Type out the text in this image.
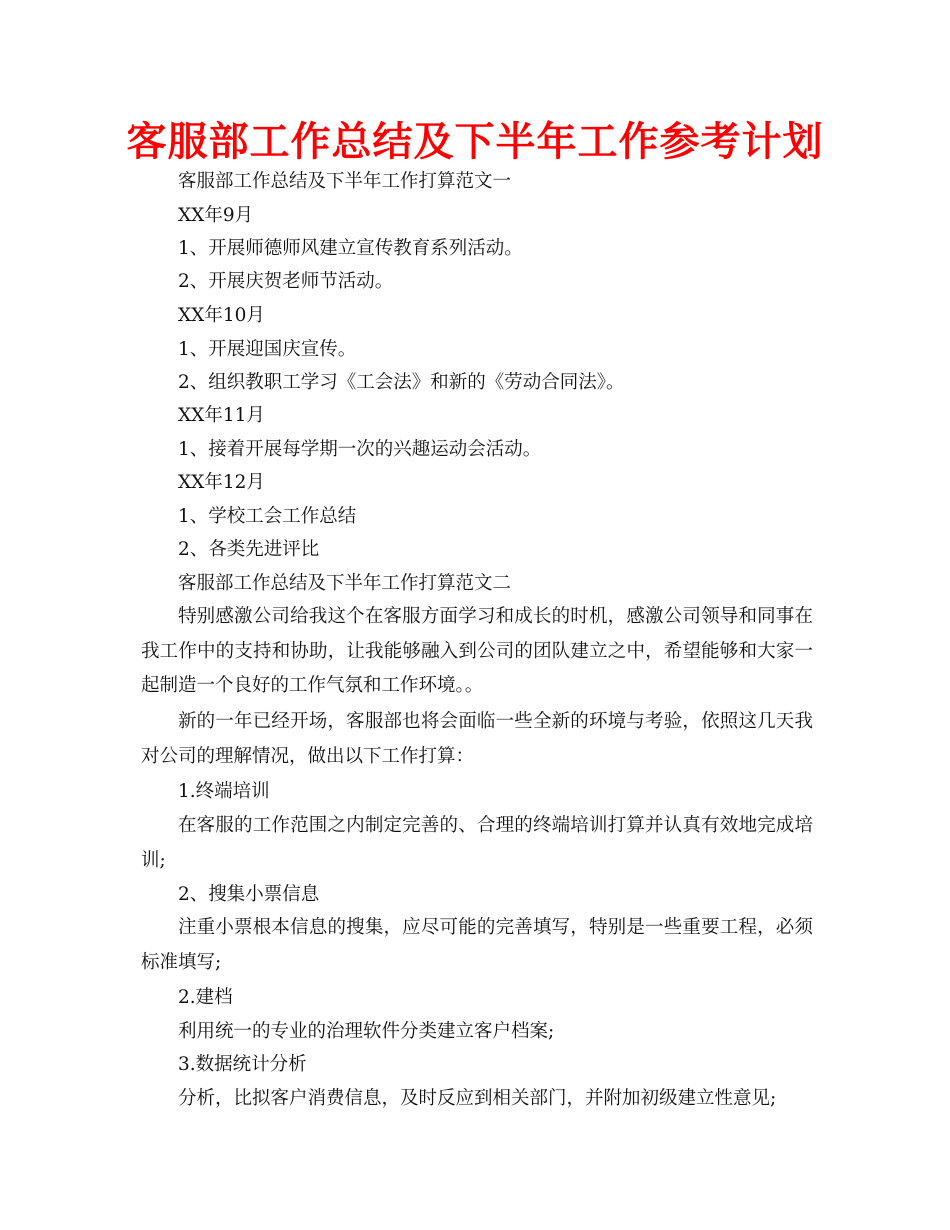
客服部工作总结及下半年工作参考计划
客服部工作总结及下半年工作打算范文一
XX年9月
1、开展师德师风建立宣传教育系列活动。
2、开展庆贺老师节活动。
XX年10月
1、开展迎国庆宣传。
2、组织教职工学习《工会法》和新的《劳动合同法》。
XX年11月
1、接着开展每学期一次的兴趣运动会活动。
XX年12月
1、学校工会工作总结
2、各类先进评比
客服部工作总结及下半年工作打算范文二
特别感激公司给我这个在客服方面学习和成长的时机，感激公司领导和同事在我工作中的支持和协助，让我能够融入到公司的团队建立之中，希望能够和大家一起制造一个良好的工作气氛和工作环境。。
新的一年已经开场，客服部也将会面临一些全新的环境与考验，依照这几天我对公司的理解情况，做出以下工作打算：
1.终端培训
在客服的工作范围之内制定完善的、合理的终端培训打算并认真有效地完成培训;
2、搜集小票信息
注重小票根本信息的搜集，应尽可能的完善填写，特别是一些重要工程，必须标准填写;
2.建档
利用统一的专业的治理软件分类建立客户档案;
3.数据统计分析
分析，比拟客户消费信息，及时反应到相关部门，并附加初级建立性意见;
